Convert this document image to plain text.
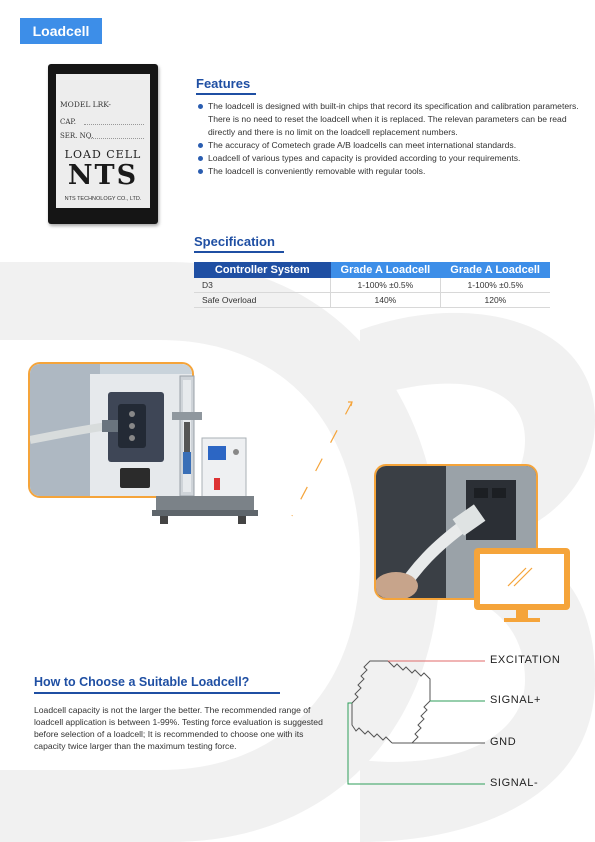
Loadcell
MODEL LRK-
CAP.
SER. NO.
LOAD CELL
NTS
NTS TECHNOLOGY CO., LTD.
Features
The loadcell is designed with built-in chips that record its specification and calibration parameters. There is no need to reset the loadcell when it is replaced. The relevan parameters can be read directly and there is no limit on the loadcell replacement numbers.
The accuracy of Cometech grade A/B loadcells can meet international standards.
Loadcell of various types and capacity is provided according to your requirements.
The loadcell is conveniently removable with regular tools.
Specification
Controller System	Grade A Loadcell	Grade A Loadcell
D3	1-100% ±0.5%	1-100% ±0.5%
Safe Overload	140%	120%
How to Choose a Suitable Loadcell?
Loadcell capacity is not the larger the better. The recommended range of loadcell application is between 1-99%. Testing force evaluation is suggested before selection of a loadcell; It is recommended to choose one with its capacity twice larger than the maximum testing force.
EXCITATION
SIGNAL+
GND
SIGNAL-
